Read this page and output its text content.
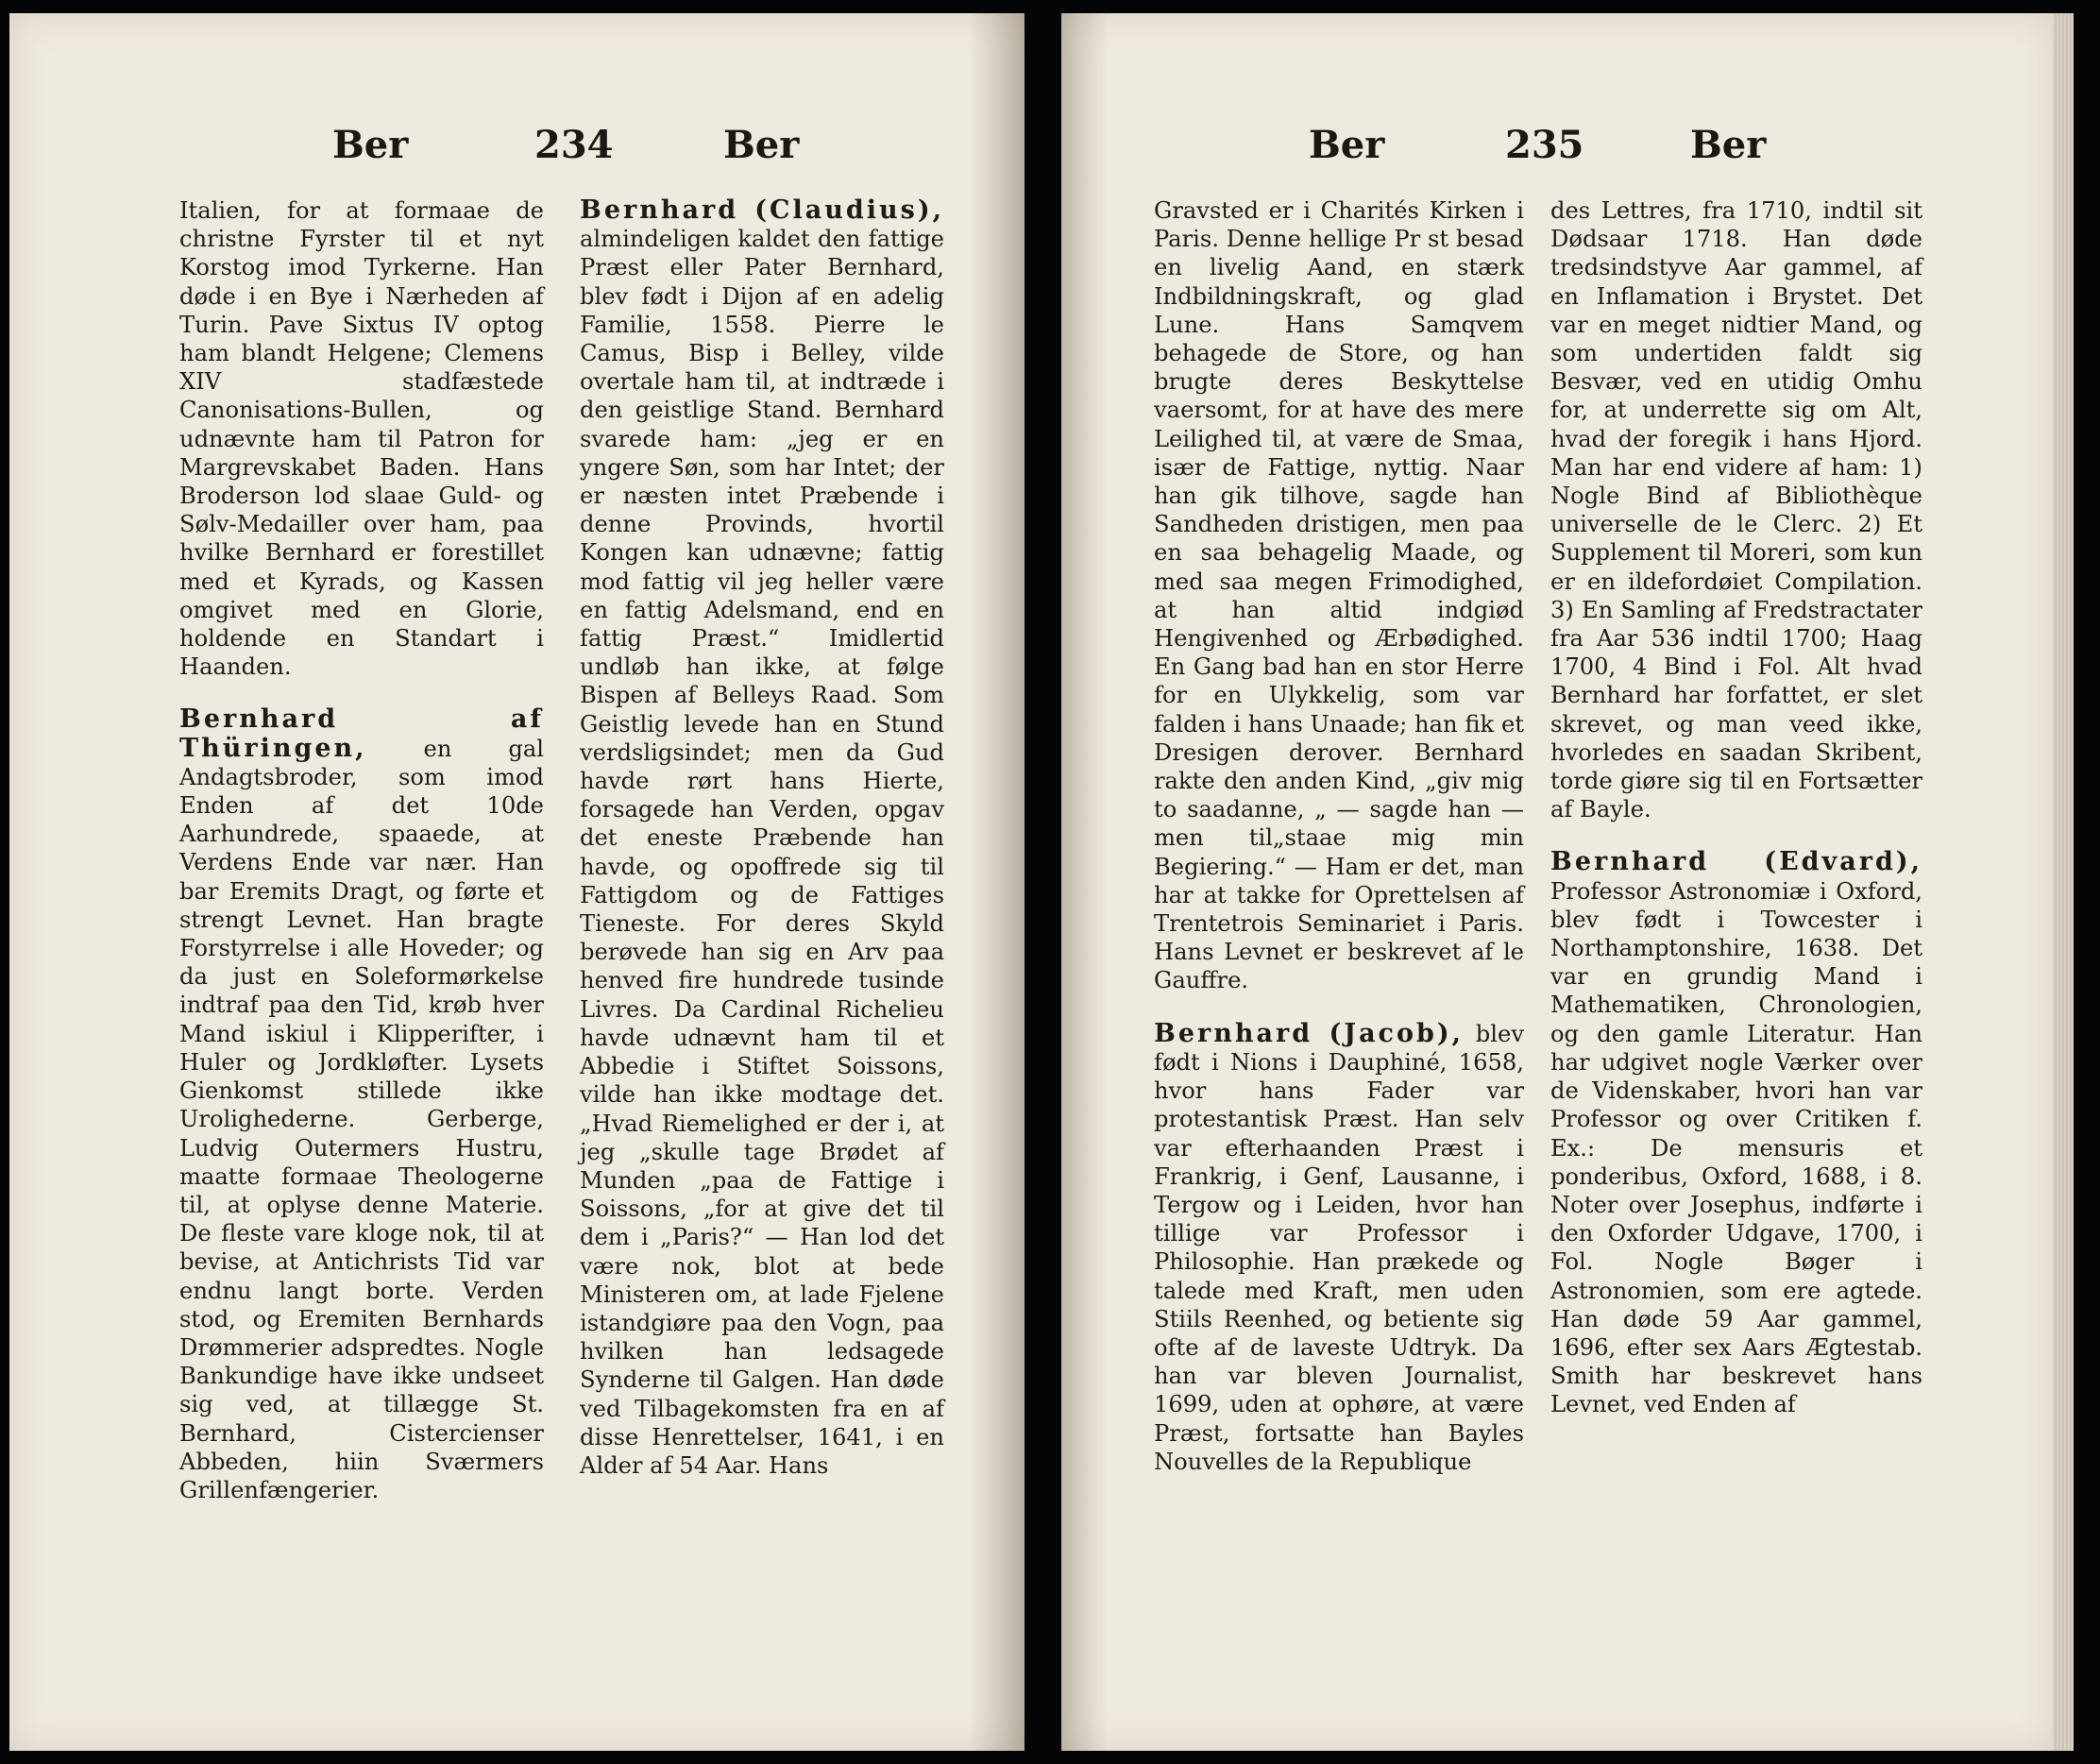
Ber	234	Ber

Italien, for at formaae de christne Fyrster til et nyt Korstog imod Tyrkerne. Han døde i en Bye i Nærheden af Turin. Pave Sixtus IV optog ham blandt Helgene; Clemens XIV stadfæstede Canonisations-Bullen, og udnævnte ham til Patron for Margrevskabet Baden. Hans Broderson lod slaae Guld- og Sølv-Medailler over ham, paa hvilke Bernhard er forestillet med et Kyrads, og Kassen omgivet med en Glorie, holdende en Standart i Haanden.

Bernhard af Thüringen, en gal Andagtsbroder, som imod Enden af det 10de Aarhundrede, spaaede, at Verdens Ende var nær. Han bar Eremits Dragt, og førte et strengt Levnet. Han bragte Forstyrrelse i alle Hoveder; og da just en Soleformørkelse indtraf paa den Tid, krøb hver Mand iskiul i Klipperifter, i Huler og Jordkløfter. Lysets Gienkomst stillede ikke Urolighederne. Gerberge, Ludvig Outermers Hustru, maatte formaae Theologerne til, at oplyse denne Materie. De fleste vare kloge nok, til at bevise, at Antichrists Tid var endnu langt borte. Verden stod, og Eremiten Bernhards Drømmerier adspredtes. Nogle Bankundige have ikke undseet sig ved, at tillægge St. Bernhard, Cistercienser Abbeden, hiin Sværmers Grillenfængerier.

Bernhard (Claudius), almindeligen kaldet den fattige Præst eller Pater Bernhard, blev født i Dijon af en adelig Familie, 1558. Pierre le Camus, Bisp i Belley, vilde overtale ham til, at indtræde i den geistlige Stand. Bernhard svarede ham: „jeg er en yngere Søn, som har Intet; der er næsten intet Præbende i denne Provinds, hvortil Kongen kan udnævne; fattig mod fattig vil jeg heller være en fattig Adelsmand, end en fattig Præst.“ Imidlertid undløb han ikke, at følge Bispen af Belleys Raad. Som Geistlig levede han en Stund verdsligsindet; men da Gud havde rørt hans Hierte, forsagede han Verden, opgav det eneste Præbende han havde, og opoffrede sig til Fattigdom og de Fattiges Tieneste. For deres Skyld berøvede han sig en Arv paa henved fire hundrede tusinde Livres. Da Cardinal Richelieu havde udnævnt ham til et Abbedie i Stiftet Soissons, vilde han ikke modtage det. „Hvad Riemelighed er der i, at jeg „skulle tage Brødet af Munden „paa de Fattige i Soissons, „for at give det til dem i „Paris?“ — Han lod det være nok, blot at bede Ministeren om, at lade Fjelene istandgiøre paa den Vogn, paa hvilken han ledsagede Synderne til Galgen. Han døde ved Tilbagekomsten fra en af disse Henrettelser, 1641, i en Alder af 54 Aar. Hans

Ber	235	Ber

Gravsted er i Charités Kirken i Paris. Denne hellige Pr st besad en livelig Aand, en stærk Indbildningskraft, og glad Lune. Hans Samqvem behagede de Store, og han brugte deres Beskyttelse vaersomt, for at have des mere Leilighed til, at være de Smaa, især de Fattige, nyttig. Naar han gik tilhove, sagde han Sandheden dristigen, men paa en saa behagelig Maade, og med saa megen Frimodighed, at han altid indgiød Hengivenhed og Ærbødighed. En Gang bad han en stor Herre for en Ulykkelig, som var falden i hans Unaade; han fik et Dresigen derover. Bernhard rakte den anden Kind, „giv mig to saadanne, „ — sagde han — men til„staae mig min Begiering.“ — Ham er det, man har at takke for Oprettelsen af Trentetrois Seminariet i Paris. Hans Levnet er beskrevet af le Gauffre.

Bernhard (Jacob), blev født i Nions i Dauphiné, 1658, hvor hans Fader var protestantisk Præst. Han selv var efterhaanden Præst i Frankrig, i Genf, Lausanne, i Tergow og i Leiden, hvor han tillige var Professor i Philosophie. Han prækede og talede med Kraft, men uden Stiils Reenhed, og betiente sig ofte af de laveste Udtryk. Da han var bleven Journalist, 1699, uden at ophøre, at være Præst, fortsatte han Bayles Nouvelles de la Republique

des Lettres, fra 1710, indtil sit Dødsaar 1718. Han døde tredsindstyve Aar gammel, af en Inflamation i Brystet. Det var en meget nidtier Mand, og som undertiden faldt sig Besvær, ved en utidig Omhu for, at underrette sig om Alt, hvad der foregik i hans Hjord. Man har end videre af ham: 1) Nogle Bind af Bibliothèque universelle de le Clerc. 2) Et Supplement til Moreri, som kun er en ildefordøiet Compilation. 3) En Samling af Fredstractater fra Aar 536 indtil 1700; Haag 1700, 4 Bind i Fol. Alt hvad Bernhard har forfattet, er slet skrevet, og man veed ikke, hvorledes en saadan Skribent, torde giøre sig til en Fortsætter af Bayle.

Bernhard (Edvard), Professor Astronomiæ i Oxford, blev født i Towcester i Northamptonshire, 1638. Det var en grundig Mand i Mathematiken, Chronologien, og den gamle Literatur. Han har udgivet nogle Værker over de Videnskaber, hvori han var Professor og over Critiken f. Ex.: De mensuris et ponderibus, Oxford, 1688, i 8. Noter over Josephus, indførte i den Oxforder Udgave, 1700, i Fol. Nogle Bøger i Astronomien, som ere agtede. Han døde 59 Aar gammel, 1696, efter sex Aars Ægtestab. Smith har beskrevet hans Levnet, ved Enden af
